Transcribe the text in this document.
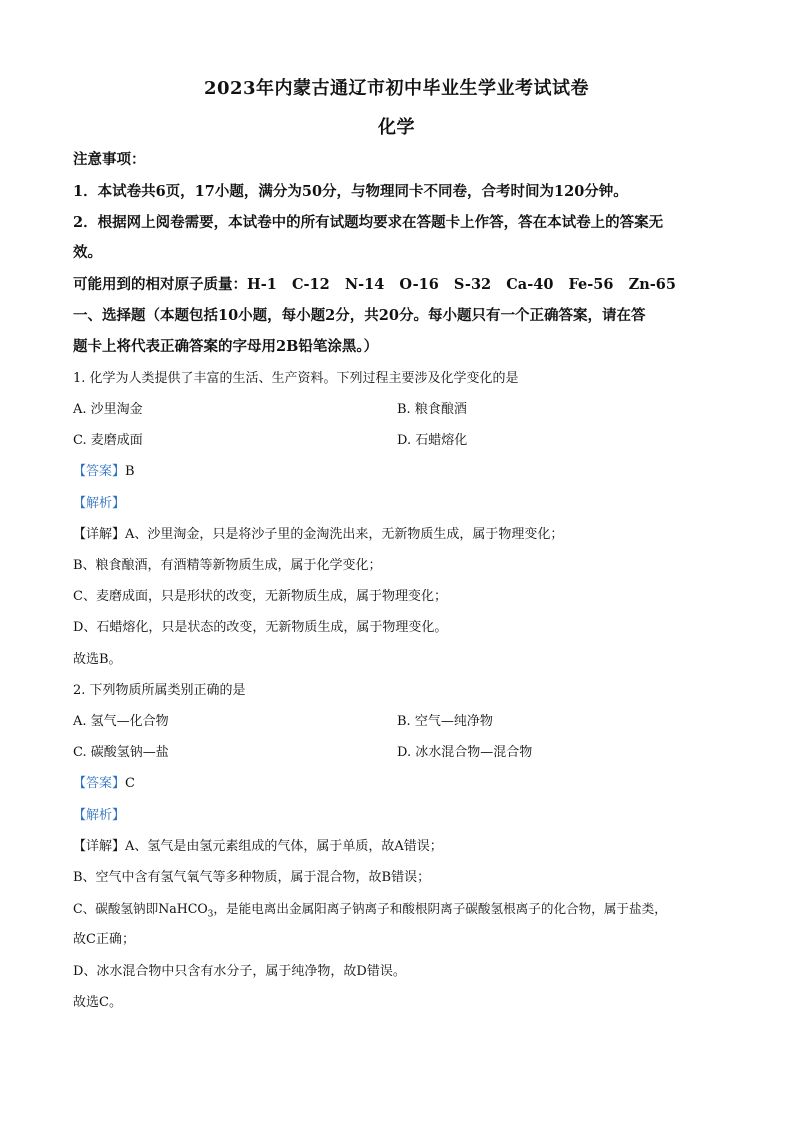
2023年内蒙古通辽市初中毕业生学业考试试卷
化学
注意事项：
1．本试卷共6页，17小题，满分为50分，与物理同卡不同卷，合考时间为120分钟。
2．根据网上阅卷需要，本试卷中的所有试题均要求在答题卡上作答，答在本试卷上的答案无
效。
可能用到的相对原子质量：H-1   C-12   N-14   O-16   S-32   Ca-40   Fe-56   Zn-65
一、选择题（本题包括10小题，每小题2分，共20分。每小题只有一个正确答案，请在答
题卡上将代表正确答案的字母用2B铅笔涂黑。）
1. 化学为人类提供了丰富的生活、生产资料。下列过程主要涉及化学变化的是
A. 沙里淘金	B. 粮食酿酒
C. 麦磨成面	D. 石蜡熔化
【答案】B
【解析】
【详解】A、沙里淘金，只是将沙子里的金淘洗出来，无新物质生成，属于物理变化；
B、粮食酿酒，有酒精等新物质生成，属于化学变化；
C、麦磨成面，只是形状的改变，无新物质生成，属于物理变化；
D、石蜡熔化，只是状态的改变，无新物质生成，属于物理变化。
故选B。
2. 下列物质所属类别正确的是
A. 氢气—化合物	B. 空气—纯净物
C. 碳酸氢钠—盐	D. 冰水混合物—混合物
【答案】C
【解析】
【详解】A、氢气是由氢元素组成的气体，属于单质，故A错误；
B、空气中含有氢气氧气等多种物质，属于混合物，故B错误；
C、碳酸氢钠即NaHCO$_3$，是能电离出金属阳离子钠离子和酸根阴离子碳酸氢根离子的化合物，属于盐类，
故C正确；
D、冰水混合物中只含有水分子，属于纯净物，故D错误。
故选C。
